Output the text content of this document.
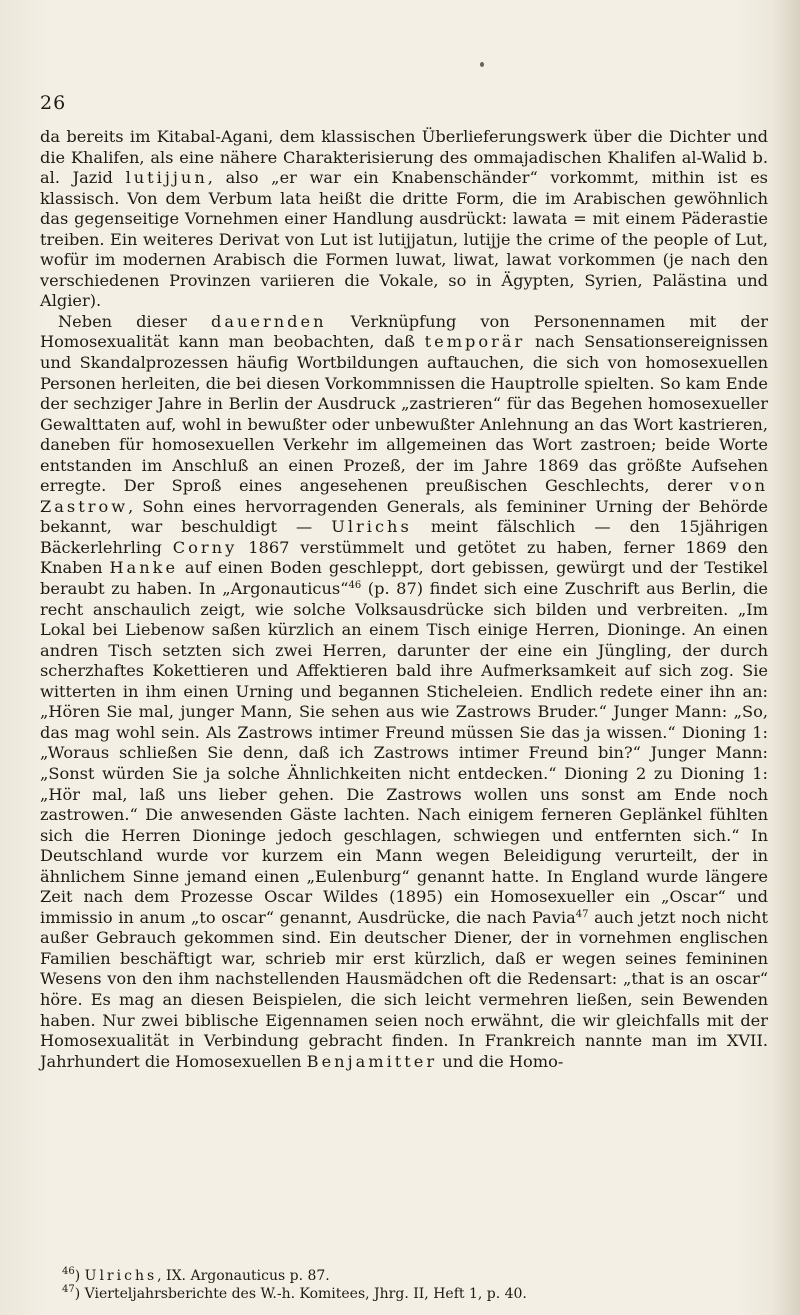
26

da bereits im Kitabal-Agani, dem klassischen Überlieferungswerk über die Dichter und die Khalifen, als eine nähere Charakterisierung des ommajadischen Khalifen al-Walid b. al. Jazid lutijjun, also „er war ein Knabenschänder“ vorkommt, mithin ist es klassisch. Von dem Verbum lata heißt die dritte Form, die im Arabischen gewöhnlich das gegenseitige Vornehmen einer Handlung ausdrückt: lawata = mit einem Päderastie treiben. Ein weiteres Derivat von Lut ist lutijjatun, lutijje the crime of the people of Lut, wofür im modernen Arabisch die Formen luwat, liwat, lawat vorkommen (je nach den verschiedenen Provinzen variieren die Vokale, so in Ägypten, Syrien, Palästina und Algier).

Neben dieser dauernden Verknüpfung von Personennamen mit der Homosexualität kann man beobachten, daß temporär nach Sensationsereignissen und Skandalprozessen häufig Wortbildungen auftauchen, die sich von homosexuellen Personen herleiten, die bei diesen Vorkommnissen die Hauptrolle spielten. So kam Ende der sechziger Jahre in Berlin der Ausdruck „zastrieren“ für das Begehen homosexueller Gewalttaten auf, wohl in bewußter oder unbewußter Anlehnung an das Wort kastrieren, daneben für homosexuellen Verkehr im allgemeinen das Wort zastroen; beide Worte entstanden im Anschluß an einen Prozeß, der im Jahre 1869 das größte Aufsehen erregte. Der Sproß eines angesehenen preußischen Geschlechts, derer von Zastrow, Sohn eines hervorragenden Generals, als femininer Urning der Behörde bekannt, war beschuldigt — Ulrichs meint fälschlich — den 15jährigen Bäckerlehrling Corny 1867 verstümmelt und getötet zu haben, ferner 1869 den Knaben Hanke auf einen Boden geschleppt, dort gebissen, gewürgt und der Testikel beraubt zu haben. In „Argonauticus“$^{46}$ (p. 87) findet sich eine Zuschrift aus Berlin, die recht anschaulich zeigt, wie solche Volksausdrücke sich bilden und verbreiten. „Im Lokal bei Liebenow saßen kürzlich an einem Tisch einige Herren, Dioninge. An einen andren Tisch setzten sich zwei Herren, darunter der eine ein Jüngling, der durch scherzhaftes Kokettieren und Affektieren bald ihre Aufmerksamkeit auf sich zog. Sie witterten in ihm einen Urning und begannen Sticheleien. Endlich redete einer ihn an: „Hören Sie mal, junger Mann, Sie sehen aus wie Zastrows Bruder.“ Junger Mann: „So, das mag wohl sein. Als Zastrows intimer Freund müssen Sie das ja wissen.“ Dioning 1: „Woraus schließen Sie denn, daß ich Zastrows intimer Freund bin?“ Junger Mann: „Sonst würden Sie ja solche Ähnlichkeiten nicht entdecken.“ Dioning 2 zu Dioning 1: „Hör mal, laß uns lieber gehen. Die Zastrows wollen uns sonst am Ende noch zastrowen.“ Die anwesenden Gäste lachten. Nach einigem ferneren Geplänkel fühlten sich die Herren Dioninge jedoch geschlagen, schwiegen und entfernten sich.“ In Deutschland wurde vor kurzem ein Mann wegen Beleidigung verurteilt, der in ähnlichem Sinne jemand einen „Eulenburg“ genannt hatte. In England wurde längere Zeit nach dem Prozesse Oscar Wildes (1895) ein Homosexueller ein „Oscar“ und immissio in anum „to oscar“ genannt, Ausdrücke, die nach Pavia$^{47}$ auch jetzt noch nicht außer Gebrauch gekommen sind. Ein deutscher Diener, der in vornehmen englischen Familien beschäftigt war, schrieb mir erst kürzlich, daß er wegen seines femininen Wesens von den ihm nachstellenden Hausmädchen oft die Redensart: „that is an oscar“ höre. Es mag an diesen Beispielen, die sich leicht vermehren ließen, sein Bewenden haben. Nur zwei biblische Eigennamen seien noch erwähnt, die wir gleichfalls mit der Homosexualität in Verbindung gebracht finden. In Frankreich nannte man im XVII. Jahrhundert die Homosexuellen Benjamitter und die Homo-

$^{46}$) Ulrichs, IX. Argonauticus p. 87.
$^{47}$) Vierteljahrsberichte des W.-h. Komitees, Jhrg. II, Heft 1, p. 40.
